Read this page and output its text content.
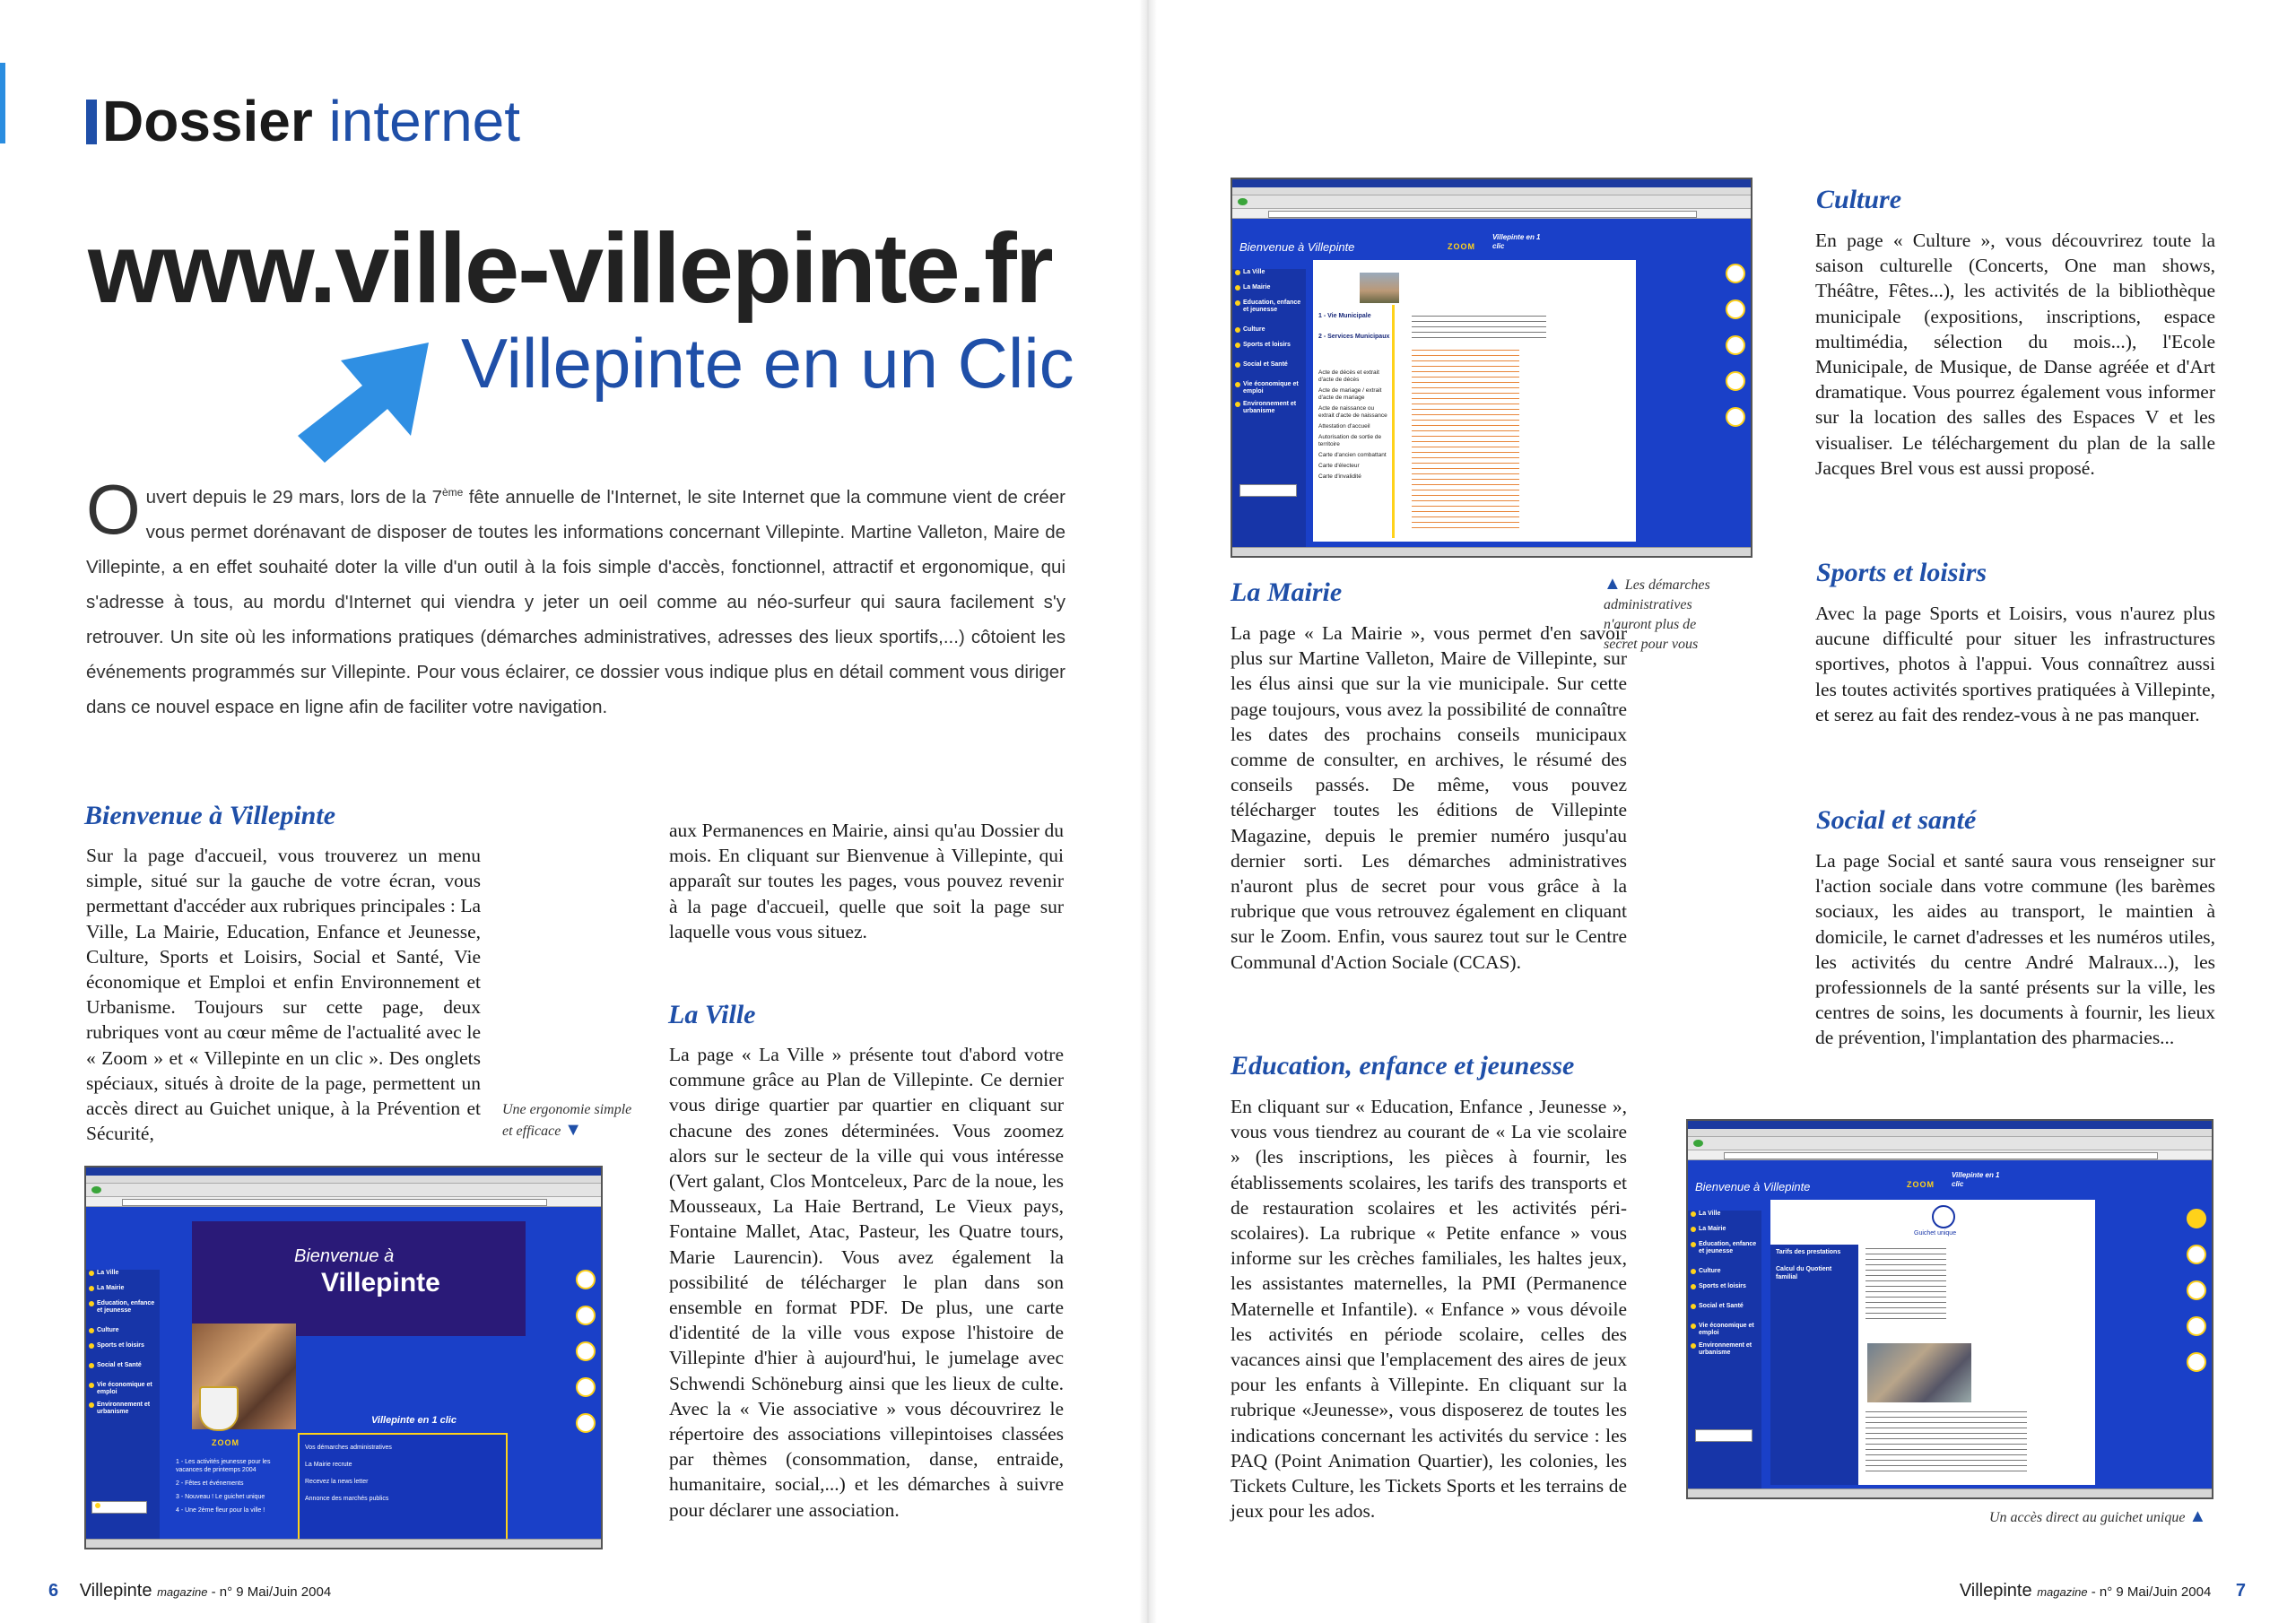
Dossier internet
www.ville-villepinte.fr
Villepinte en un Clic
Ouvert depuis le 29 mars, lors de la 7ème fête annuelle de l'Internet, le site Internet que la commune vient de créer vous permet dorénavant de disposer de toutes les informations concernant Villepinte. Martine Valleton, Maire de Villepinte, a en effet souhaité doter la ville d'un outil à la fois simple d'accès, fonctionnel, attractif et ergonomique, qui s'adresse à tous, au mordu d'Internet qui viendra y jeter un oeil comme au néo-surfeur qui saura facilement s'y retrouver. Un site où les informations pratiques (démarches administratives, adresses des lieux sportifs,...) côtoient les événements programmés sur Villepinte. Pour vous éclairer, ce dossier vous indique plus en détail comment vous diriger dans ce nouvel espace en ligne afin de faciliter votre navigation.
Bienvenue à Villepinte

Sur la page d'accueil, vous trouverez un menu simple, situé sur la gauche de votre écran, vous permettant d'accéder aux rubriques principales : La Ville, La Mairie, Education, Enfance et Jeunesse, Culture, Sports et Loisirs, Social et Santé, Vie économique et Emploi et enfin Environnement et Urbanisme. Toujours sur cette page, deux rubriques vont au cœur même de l'actualité avec le « Zoom » et « Villepinte en un clic ». Des onglets spéciaux, situés à droite de la page, permettent un accès direct au Guichet unique, à la Prévention et Sécurité,

Une ergonomie simple
et efficace ▼
La Ville
La Mairie
Education, enfance et jeunesse
Culture
Sports et loisirs
Social et Santé
Vie économique et emploi
Environnement et urbanisme
Bienvenue à
Villepinte
ZOOM
Villepinte en 1 clic
1 - Les activités jeunesse pour les vacances de printemps 2004
2 - Fêtes et événements
3 - Nouveau ! Le guichet unique
4 - Une 2ème fleur pour la ville !
Vos démarches administratives
La Mairie recrute
Recevez la news letter
Annonce des marchés publics

aux Permanences en Mairie, ainsi qu'au Dossier du mois. En cliquant sur Bienvenue à Villepinte, qui apparaît sur toutes les pages, vous pouvez revenir à la page d'accueil, quelle que soit la page sur laquelle vous vous situez.

La Ville

La page « La Ville » présente tout d'abord votre commune grâce au Plan de Villepinte. Ce dernier vous dirige quartier par quartier en cliquant sur chacune des zones déterminées. Vous zoomez alors sur le secteur de la ville qui vous intéresse (Vert galant, Clos Montceleux, Parc de la noue, les Mousseaux, La Haie Bertrand, Le Vieux pays, Fontaine Mallet, Atac, Pasteur, les Quatre tours, Marie Laurencin). Vous avez également la possibilité de télécharger le plan dans son ensemble en format PDF. De plus, une carte d'identité de la ville vous expose l'histoire de Villepinte d'hier à aujourd'hui, le jumelage avec Schwendi Schöneburg ainsi que les lieux de culte. Avec la « Vie associative » vous découvrirez le répertoire des associations villepintoises classées par thèmes (consommation, danse, entraide, humanitaire, social,...) et les démarches à suivre pour déclarer une association.

6 Villepinte magazine - n° 9 Mai/Juin 2004
La Ville
La Mairie
Education, enfance et jeunesse
Culture
Sports et loisirs
Social et Santé
Vie économique et emploi
Environnement et urbanisme
Bienvenue à Villepinte	ZOOM
Villepinte en 1 clic
1 - Vie Municipale
2 - Services Municipaux
Acte de décès et extrait d'acte de décès
Acte de mariage / extrait d'acte de mariage
Acte de naissance ou extrait d'acte de naissance
Attestation d'accueil
Autorisation de sortie de territoire
Carte d'ancien combattant
Carte d'électeur
Carte d'invalidité
▲ Les démarches
administratives
n'auront plus de
secret pour vous
La Mairie

La page « La Mairie », vous permet d'en savoir plus sur Martine Valleton, Maire de Villepinte, sur les élus ainsi que sur la vie municipale. Sur cette page toujours, vous avez la possibilité de connaître les dates des prochains conseils municipaux comme de consulter, en archives, le résumé des conseils passés. De même, vous pouvez télécharger toutes les éditions de Villepinte Magazine, depuis le premier numéro jusqu'au dernier sorti. Les démarches administratives n'auront plus de secret pour vous grâce à la rubrique que vous retrouvez également en cliquant sur le Zoom. Enfin, vous saurez tout sur le Centre Communal d'Action Sociale (CCAS).

Education, enfance et jeunesse

En cliquant sur « Education, Enfance , Jeunesse », vous vous tiendrez au courant de « La vie scolaire » (les inscriptions, les pièces à fournir, les établissements scolaires, les tarifs des transports et de restauration scolaires et les activités péri-scolaires). La rubrique « Petite enfance » vous informe sur les crèches familiales, les haltes jeux, les assistantes maternelles, la PMI (Permanence Maternelle et Infantile). « Enfance » vous dévoile les activités en période scolaire, celles des vacances ainsi que l'emplacement des aires de jeux pour les enfants à Villepinte. En cliquant sur la rubrique «Jeunesse», vous disposerez de toutes les indications concernant les activités du service : les PAQ (Point Animation Quartier), les colonies, les Tickets Culture, les Tickets Sports et les terrains de jeux pour les ados.

Culture

En page « Culture », vous découvrirez toute la saison culturelle (Concerts, One man shows, Théâtre, Fêtes...), les activités de la bibliothèque municipale (expositions, inscriptions, espace multimédia, sélection du mois...), l'Ecole Municipale, de Musique, de Danse agréée et d'Art dramatique. Vous pourrez également vous informer sur la location des salles des Espaces V et les visualiser. Le téléchargement du plan de la salle Jacques Brel vous est aussi proposé.

Sports et loisirs

Avec la page Sports et Loisirs, vous n'aurez plus aucune difficulté pour situer les infrastructures sportives, photos à l'appui. Vous connaîtrez aussi les toutes activités sportives pratiquées à Villepinte, et serez au fait des rendez-vous à ne pas manquer.

Social et santé

La page Social et santé saura vous renseigner sur l'action sociale dans votre commune (les barèmes sociaux, les aides au transport, le maintien à domicile, le carnet d'adresses et les numéros utiles, les activités du centre André Malraux...), les professionnels de la santé présents sur la ville, les centres de soins, les documents à fournir, les lieux de prévention, l'implantation des pharmacies...

La Ville
La Mairie
Education, enfance et jeunesse
Culture
Sports et loisirs
Social et Santé
Vie économique et emploi
Environnement et urbanisme
Bienvenue à Villepinte	ZOOM
Villepinte en 1 clic
Tarifs des prestations
Calcul du Quotient familial
Guichet unique
Un accès direct au guichet unique ▲
Villepinte magazine - n° 9 Mai/Juin 2004 7
